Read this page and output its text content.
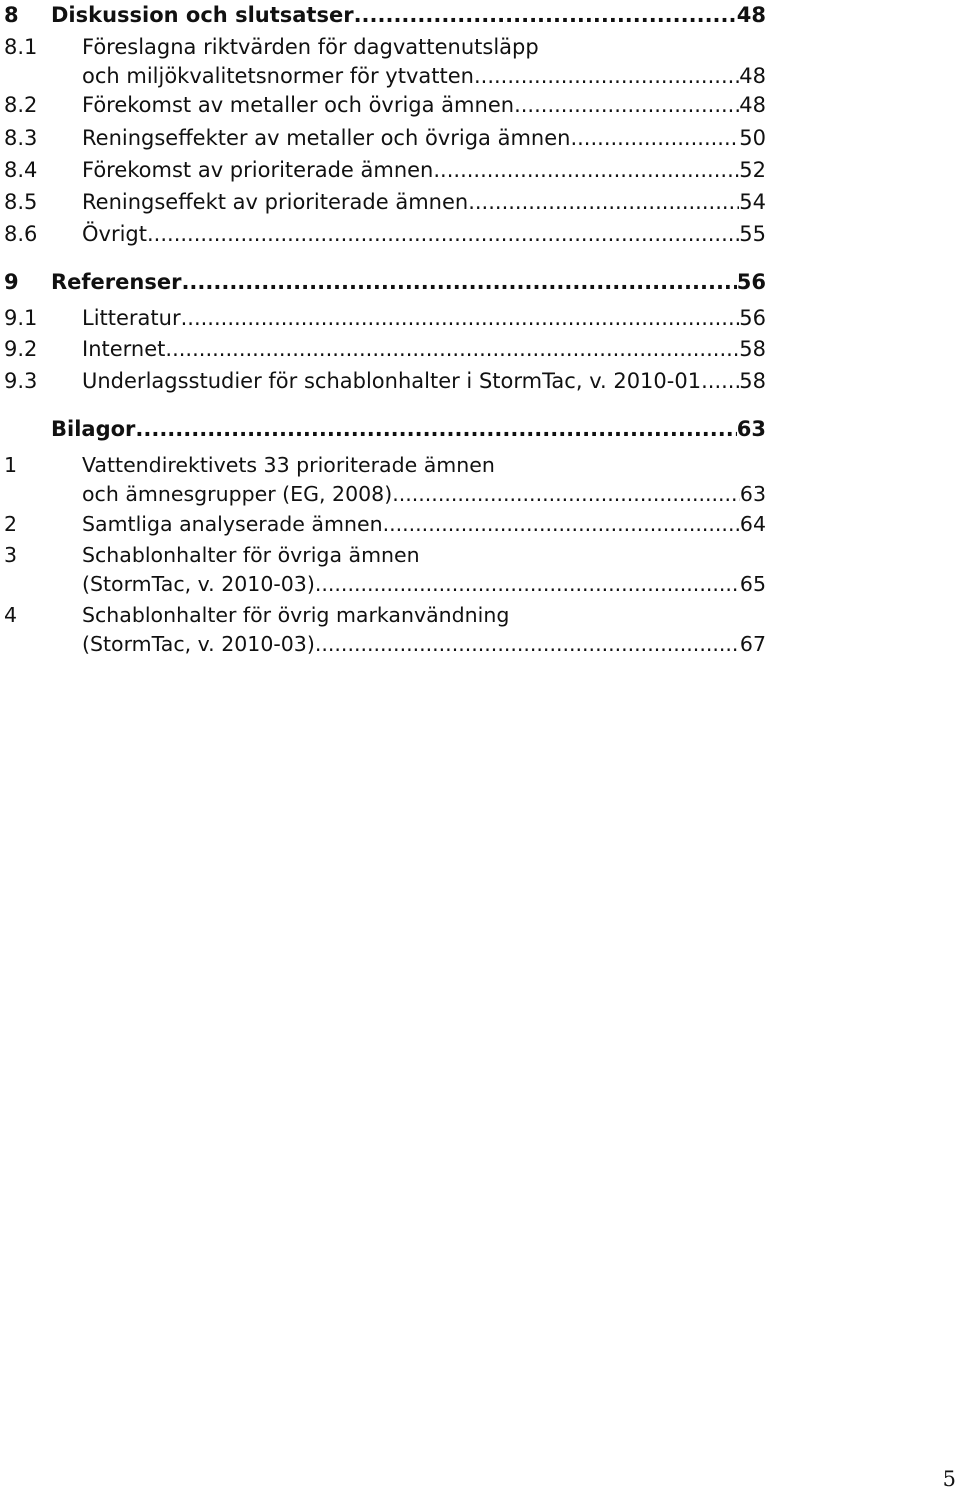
8 Diskussion och slutsatser .....	48
8.1 Föreslagna riktvärden för dagvattenutsläpp
och miljökvalitetsnormer för ytvatten .....	48
8.2 Förekomst av metaller och övriga ämnen .....	48
8.3 Reningseffekter av metaller och övriga ämnen .....	50
8.4 Förekomst av prioriterade ämnen .....	52
8.5 Reningseffekt av prioriterade ämnen .....	54
8.6 Övrigt .....	55
9 Referenser .....	56
9.1 Litteratur .....	56
9.2 Internet .....	58
9.3 Underlagsstudier för schablonhalter i StormTac, v. 2010-01 ..... 58
Bilagor .....	63
1	Vattendirektivets 33 prioriterade ämnen
och ämnesgrupper (EG, 2008) .....	63
2	Samtliga analyserade ämnen .....	64
3	Schablonhalter för övriga ämnen
(StormTac, v. 2010-03) .....	65
4	Schablonhalter för övrig markanvändning
(StormTac, v. 2010-03) .....	67
5
